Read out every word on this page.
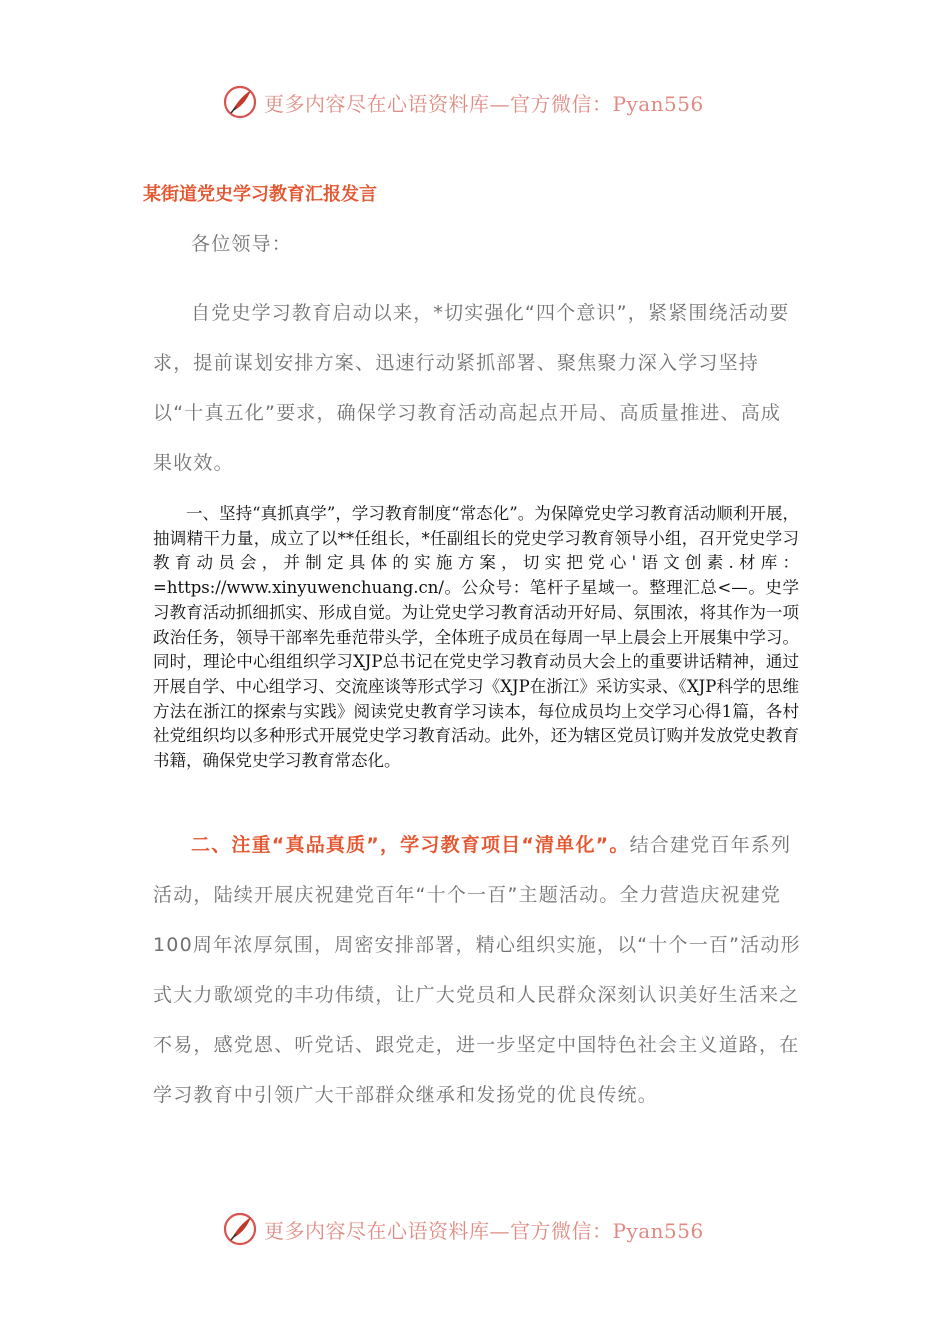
更多内容尽在心语资料库—官方微信：Pyan556
某街道党史学习教育汇报发言

各位领导：

自党史学习教育启动以来，*切实强化“四个意识”，紧紧围绕活动要求，提前谋划安排方案、迅速行动紧抓部署、聚焦聚力深入学习坚持以“十真五化”要求，确保学习教育活动高起点开局、高质量推进、高成果收效。

一、坚持“真抓真学”，学习教育制度“常态化”。为保障党史学习教育活动顺利开展，抽调精干力量，成立了以**任组长，*任副组长的党史学习教育领导小组，召开党史学习教育动员会，并制定具体的实施方案，切实把党心'语文创素.材库：=https://www.xinyuwenchuang.cn/。公众号：笔杆子星域一。整理汇总<—。史学习教育活动抓细抓实、形成自觉。为让党史学习教育活动开好局、氛围浓，将其作为一项政治任务，领导干部率先垂范带头学，全体班子成员在每周一早上晨会上开展集中学习。同时，理论中心组组织学习XJP总书记在党史学习教育动员大会上的重要讲话精神，通过开展自学、中心组学习、交流座谈等形式学习《XJP在浙江》采访实录、《XJP科学的思维方法在浙江的探索与实践》阅读党史教育学习读本，每位成员均上交学习心得1篇，各村社党组织均以多种形式开展党史学习教育活动。此外，还为辖区党员订购并发放党史教育书籍，确保党史学习教育常态化。

二、注重“真品真质”，学习教育项目“清单化”。结合建党百年系列活动，陆续开展庆祝建党百年“十个一百”主题活动。全力营造庆祝建党100周年浓厚氛围，周密安排部署，精心组织实施，以“十个一百”活动形式大力歌颂党的丰功伟绩，让广大党员和人民群众深刻认识美好生活来之不易，感党恩、听党话、跟党走，进一步坚定中国特色社会主义道路，在学习教育中引领广大干部群众继承和发扬党的优良传统。

更多内容尽在心语资料库—官方微信：Pyan556
